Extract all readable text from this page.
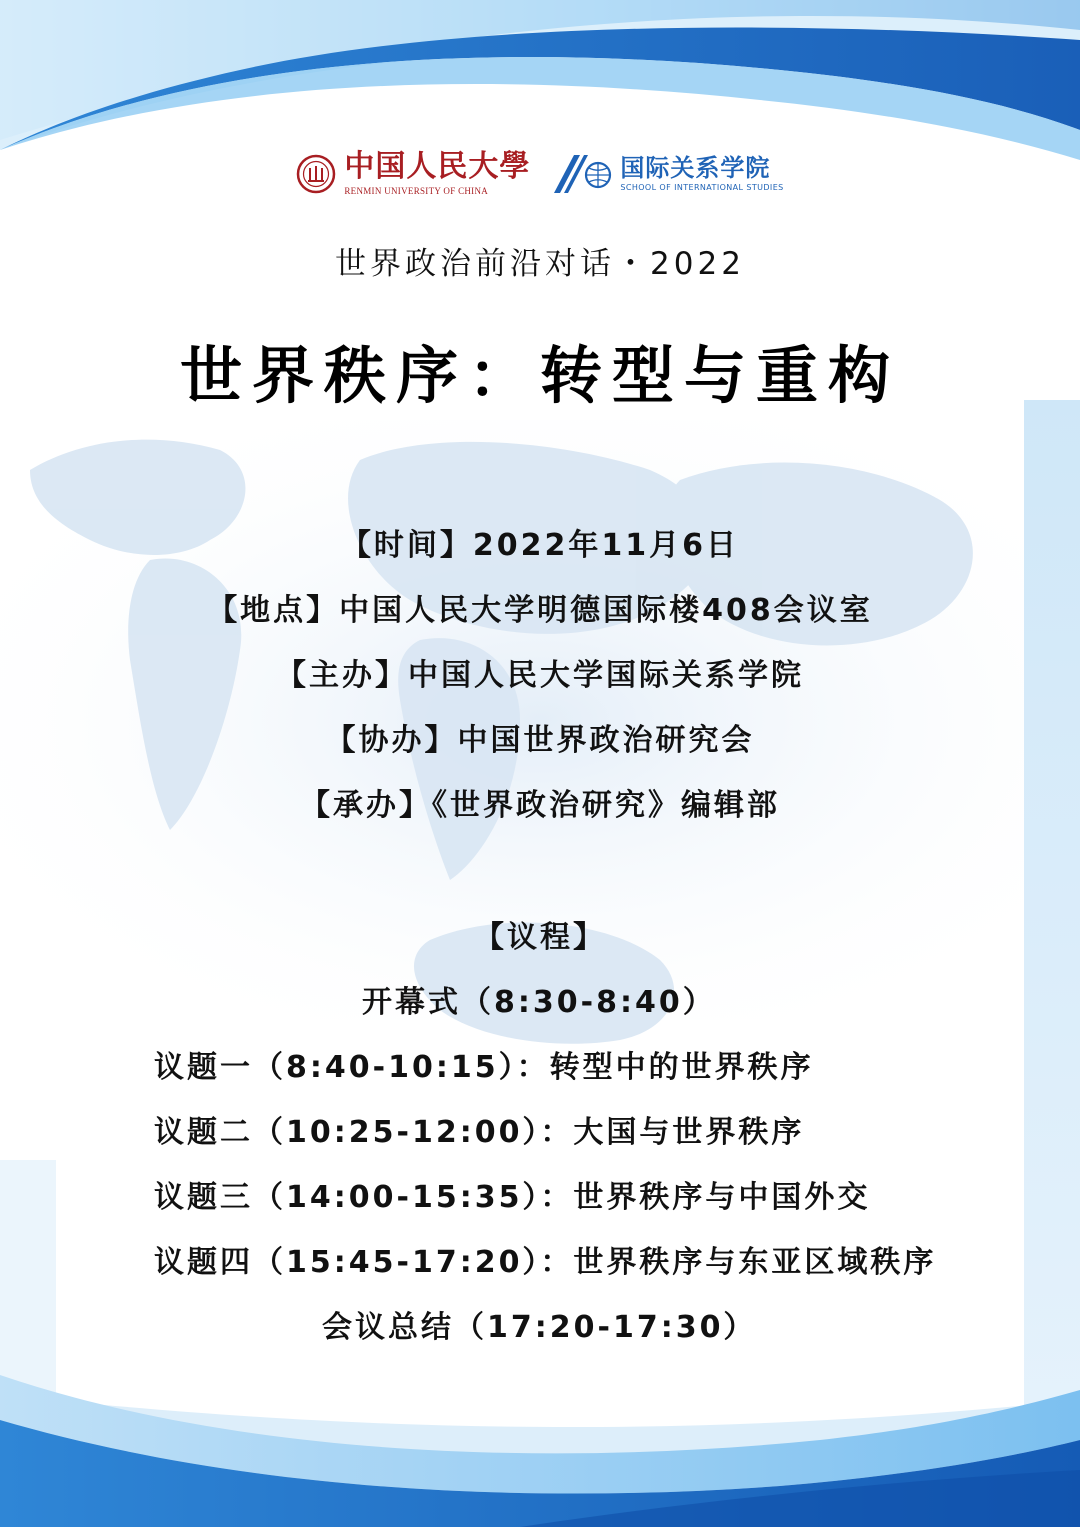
中国人民大學
RENMIN UNIVERSITY OF CHINA
国际关系学院
SCHOOL OF INTERNATIONAL STUDIES
世界政治前沿对话・2022
世界秩序：转型与重构
【时间】2022年11月6日
【地点】中国人民大学明德国际楼408会议室
【主办】中国人民大学国际关系学院
【协办】中国世界政治研究会
【承办】《世界政治研究》编辑部
【议程】
开幕式（8:30-8:40）
议题一（8:40-10:15）：转型中的世界秩序
议题二（10:25-12:00）：大国与世界秩序
议题三（14:00-15:35）：世界秩序与中国外交
议题四（15:45-17:20）：世界秩序与东亚区域秩序
会议总结（17:20-17:30）
